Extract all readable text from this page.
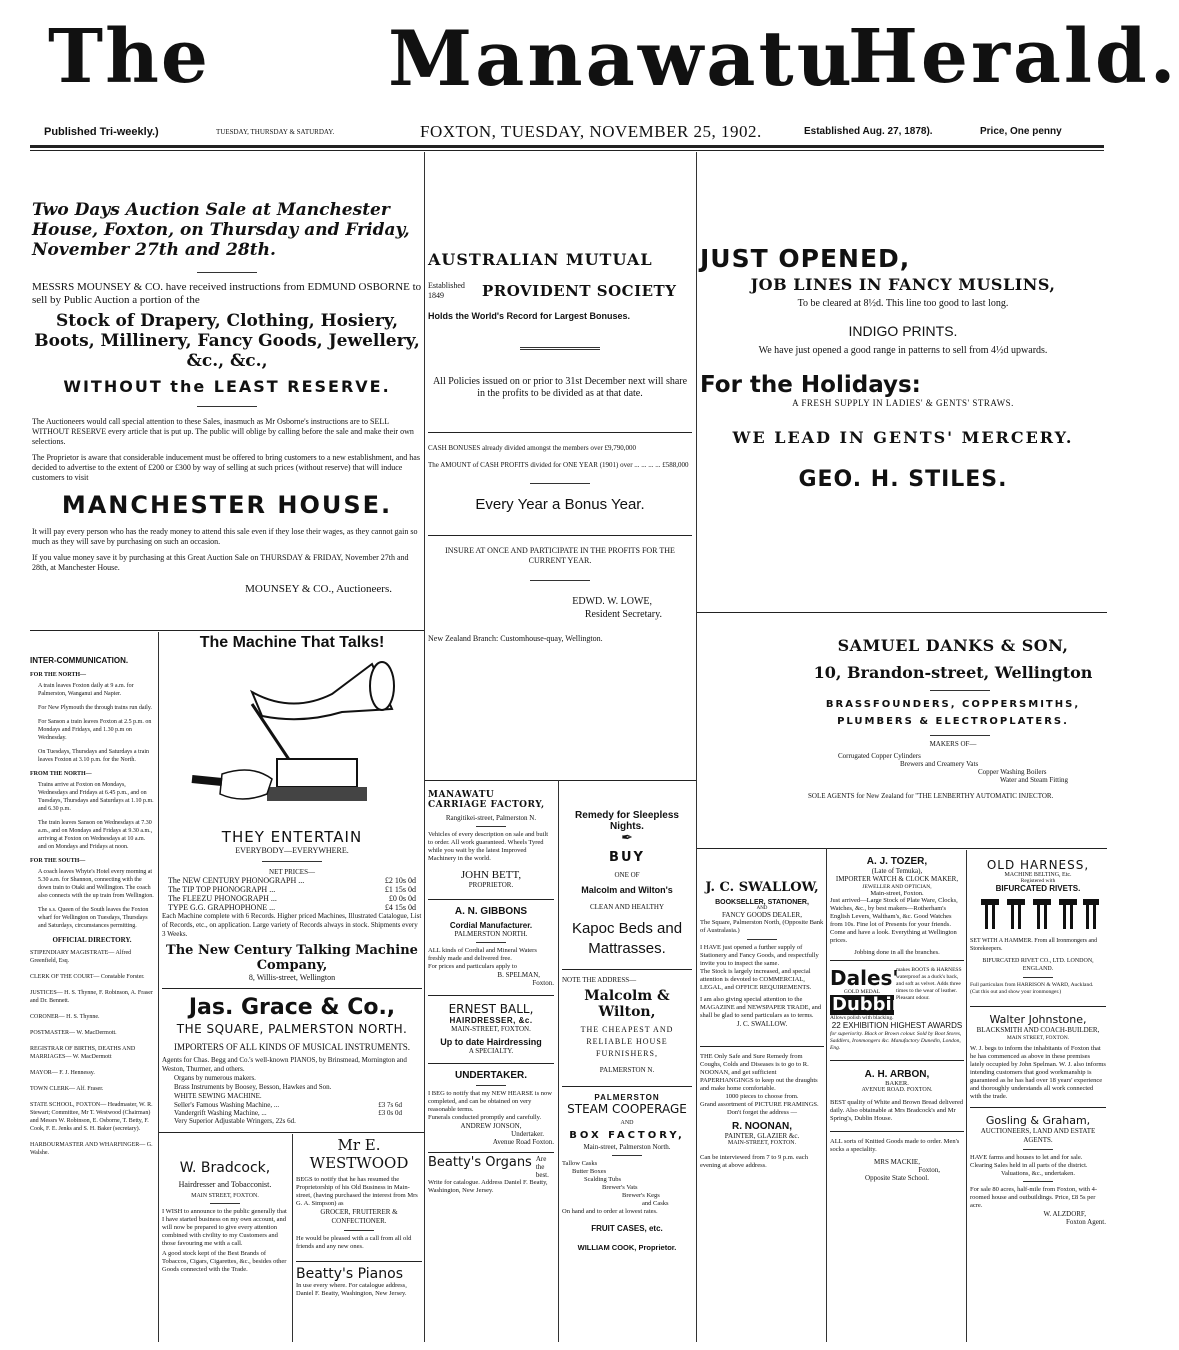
The Manawatu
Herald.
Published Tri-weekly.)	TUESDAY, THURSDAY & SATURDAY.	FOXTON, TUESDAY, NOVEMBER 25, 1902.	Established Aug. 27, 1878).	Price, One penny

Two Days Auction Sale at Manchester House, Foxton, on Thursday and Friday, November 27th and 28th.

MESSRS MOUNSEY & CO. have received instructions from EDMUND OSBORNE to sell by Public Auction a portion of the

Stock of Drapery, Clothing, Hosiery, Boots, Millinery, Fancy Goods, Jewellery, &c., &c.,

WITHOUT the LEAST RESERVE.

The Auctioneers would call special attention to these Sales, inasmuch as Mr Osborne's instructions are to SELL WITHOUT RESERVE every article that is put up. The public will oblige by calling before the sale and make their own selections.

The Proprietor is aware that considerable inducement must be offered to bring customers to a new establishment, and has decided to advertise to the extent of £200 or £300 by way of selling at such prices (without reserve) that will induce customers to visit

MANCHESTER HOUSE.

It will pay every person who has the ready money to attend this sale even if they lose their wages, as they cannot gain so much as they will save by purchasing on such an occasion.

If you value money save it by purchasing at this Great Auction Sale on THURSDAY & FRIDAY, November 27th and 28th, at Manchester House.

MOUNSEY & CO., Auctioneers.

AUSTRALIAN MUTUAL

Established 1849	PROVIDENT SOCIETY

Holds the World's Record for Largest Bonuses.

All Policies issued on or prior to 31st December next will share in the profits to be divided as at that date.

CASH BONUSES already divided amongst the members over £9,790,000

The AMOUNT of CASH PROFITS divided for ONE YEAR (1901) over ... ... ... ... £588,000

Every Year a Bonus Year.

INSURE AT ONCE AND PARTICIPATE IN THE PROFITS FOR THE CURRENT YEAR.

EDWD. W. LOWE,

Resident Secretary.

New Zealand Branch: Customhouse-quay, Wellington.

JUST OPENED,

JOB LINES IN FANCY MUSLINS,

To be cleared at 8½d. This line too good to last long.

INDIGO PRINTS.

We have just opened a good range in patterns to sell from 4½d upwards.

For the Holidays:

A FRESH SUPPLY IN LADIES' & GENTS' STRAWS.

WE LEAD IN GENTS' MERCERY.

GEO. H. STILES.

INTER-COMMUNICATION.

FOR THE NORTH—

A train leaves Foxton daily at 9 a.m. for Palmerston, Wanganui and Napier.

For New Plymouth the through trains run daily.

For Sanson a train leaves Foxton at 2.5 p.m. on Mondays and Fridays, and 1.30 p.m on Wednesday.

On Tuesdays, Thursdays and Saturdays a train leaves Foxton at 3.10 p.m. for the North.

FROM THE NORTH—

Trains arrive at Foxton on Mondays, Wednesdays and Fridays at 6.45 p.m., and on Tuesdays, Thursdays and Saturdays at 1.10 p.m. and 6.30 p.m.

The train leaves Sanson on Wednesdays at 7.30 a.m., and on Mondays and Fridays at 9.30 a.m., arriving at Foxton on Wednesdays at 10 a.m. and on Mondays and Fridays at noon.

FOR THE SOUTH—

A coach leaves Whyte's Hotel every morning at 5.30 a.m. for Shannon, connecting with the down train to Otaki and Wellington. The coach also connects with the up train from Wellington.

The s.s. Queen of the South leaves the Foxton wharf for Wellington on Tuesdays, Thursdays and Saturdays, circumstances permitting.

OFFICIAL DIRECTORY.

STIPENDIARY MAGISTRATE— Alfred Greenfield, Esq.

CLERK OF THE COURT— Constable Forster.

JUSTICES— H. S. Thynne, F. Robinson, A. Fraser and Dr. Bennett.

CORONER— H. S. Thynne.

POSTMASTER— W. MacDermott.

REGISTRAR OF BIRTHS, DEATHS AND MARRIAGES— W. MacDermott

MAYOR— F. J. Hennessy.

TOWN CLERK— Alf. Fraser.

STATE SCHOOL, FOXTON— Headmaster, W. R. Stewart; Committee, Mr T. Westwood (Chairman) and Messrs W. Robinson, E. Osborne, T. Betty, F. Cook, F. E. Jenks and S. H. Baker (secretary).

HARBOURMASTER AND WHARFINGER— G. Walshe.

The Machine That Talks!

THEY ENTERTAIN

EVERYBODY—EVERYWHERE.

NET PRICES—

The NEW CENTURY PHONOGRAPH ...	£2 10s 0d
The TIP TOP PHONOGRAPH ...	£1 15s 0d
The FLEEZU PHONOGRAPH ...	£0 0s 0d
TYPE G.G. GRAPHOPHONE ...	£4 15s 0d

Each Machine complete with 6 Records. Higher priced Machines, Illustrated Catalogue, List of Records, etc., on application. Large variety of Records always in stock. Shipments every 3 Weeks.

The New Century Talking Machine Company,

8, Willis-street, Wellington

Jas. Grace & Co.,

THE SQUARE, PALMERSTON NORTH.

IMPORTERS OF ALL KINDS OF MUSICAL INSTRUMENTS.

Agents for Chas. Begg and Co.'s well-known PIANOS, by Brinsmead, Mornington and Weston, Thurmer, and others.

Organs by numerous makers.

Brass Instruments by Boosey, Besson, Hawkes and Son.

WHITE SEWING MACHINE.

Seller's Famous Washing Machine, ...	£3 7s 6d
Vandergrift Washing Machine, ...	£3 0s 0d

Very Superior Adjustable Wringers, 22s 6d.

W. Bradcock,

Hairdresser and Tobacconist.

MAIN STREET, FOXTON.

I WISH to announce to the public generally that I have started business on my own account, and will now be prepared to give every attention combined with civility to my Customers and those favouring me with a call.

A good stock kept of the Best Brands of Tobaccos, Cigars, Cigarettes, &c., besides other Goods connected with the Trade.

Mr E. WESTWOOD

BEGS to notify that he has resumed the Proprietorship of his Old Business in Main-street, (having purchased the interest from Mrs G. A. Simpson) as

GROCER, FRUITERER & CONFECTIONER.

He would be pleased with a call from all old friends and any new ones.

Beatty's Pianos

In use every where. For catalogue address, Daniel F. Beatty, Washington, New Jersey.

MANAWATU CARRIAGE FACTORY,

Rangitikei-street, Palmerston N.

Vehicles of every description on sale and built to order. All work guaranteed. Wheels Tyred while you wait by the latest Improved Machinery in the world.

JOHN BETT,

PROPRIETOR.

A. N. GIBBONS

Cordial Manufacturer.

PALMERSTON NORTH.

ALL kinds of Cordial and Mineral Waters freshly made and delivered free.

For prices and particulars apply to

B. SPELMAN,

Foxton.

ERNEST BALL,

HAIRDRESSER, &c.

MAIN-STREET, FOXTON.

Up to date Hairdressing

A SPECIALTY.

UNDERTAKER.

I BEG to notify that my NEW HEARSE is now completed, and can be obtained on very reasonable terms.

Funerals conducted promptly and carefully.

ANDREW JONSON,

Undertaker.

Avenue Road Foxton.

Beatty's Organs Are the best.

Write for catalogue. Address Daniel F. Beatty, Washington, New Jersey.

Remedy for Sleepless Nights.

✒

BUY

ONE OF

Malcolm and Wilton's

CLEAN AND HEALTHY

Kapoc Beds and Mattrasses.

NOTE THE ADDRESS—

Malcolm & Wilton,

THE CHEAPEST AND RELIABLE HOUSE FURNISHERS,

PALMERSTON N.

PALMERSTON

STEAM COOPERAGE

AND

BOX FACTORY,

Main-street, Palmerston North.

Tallow Casks

Butter Boxes

Scalding Tubs

Brewer's Vats

Brewer's Kegs

and Casks

On hand and to order at lowest rates.

FRUIT CASES, etc.

WILLIAM COOK, Proprietor.

SAMUEL DANKS & SON,

10, Brandon-street, Wellington

BRASSFOUNDERS, COPPERSMITHS,

PLUMBERS & ELECTROPLATERS.

MAKERS OF—

Corrugated Copper Cylinders

Brewers and Creamery Vats

Copper Washing Boilers

Water and Steam Fitting

SOLE AGENTS for New Zealand for "THE LENBERTHY AUTOMATIC INJECTOR.

J. C. SWALLOW,

BOOKSELLER, STATIONER,

AND

FANCY GOODS DEALER,

The Square, Palmerston North, (Opposite Bank of Australasia.)

I HAVE just opened a further supply of Stationery and Fancy Goods, and respectfully invite you to inspect the same.

The Stock is largely increased, and special attention is devoted to COMMERCIAL, LEGAL, and OFFICE REQUIREMENTS.

I am also giving special attention to the MAGAZINE and NEWSPAPER TRADE, and shall be glad to send particulars as to terms.

J. C. SWALLOW.

THE Only Safe and Sure Remedy from Coughs, Colds and Diseases is to go to R. NOONAN, and get sufficient PAPERHANGINGS to keep out the draughts and make home comfortable.

1000 pieces to choose from.

Grand assortment of PICTURE FRAMINGS.

Don't forget the address —

R. NOONAN,

PAINTER, GLAZIER &c.

MAIN-STREET, FOXTON.

Can be interviewed from 7 to 9 p.m. each evening at above address.

A. J. TOZER,

(Late of Temuka),

IMPORTER WATCH & CLOCK MAKER,

JEWELLER AND OPTICIAN,

Main-street, Foxton.

Just arrived—Large Stock of Plate Ware, Clocks, Watches, &c., by best makers—Rotherham's English Levers, Waltham's, &c. Good Watches from 10s. Fine lot of Presents for your friends. Come and have a look. Everything at Wellington prices.

Jobbing done in all the branches.

Dales'

GOLD MEDAL

Dubbin

makes BOOTS & HARNESS waterproof as a duck's back, and soft as velvet. Adds three times to the wear of leather. Pleasant odour.

Allows polish with blacking.

22 EXHIBITION HIGHEST AWARDS

for superiority. Black or Brown colour. Sold by Boot Stores, Saddlers, Ironmongers &c. Manufactory Dunedin, London, Eng.

A. H. ARBON,

BAKER.

AVENUE ROAD. FOXTON.

BEST quality of White and Brown Bread delivered daily. Also obtainable at Mrs Bradcock's and Mr Spring's, Dublin House.

ALL sorts of Knitted Goods made to order. Men's socks a speciality.

MRS MACKIE,

Foxton,

Opposite State School.

OLD HARNESS,

MACHINE BELTING, Etc.

Registered with

BIFURCATED RIVETS.

SET WITH A HAMMER. From all Ironmongers and Storekeepers.

BIFURCATED RIVET CO., LTD. LONDON, ENGLAND.

Full particulars from HARRISON & WARD, Auckland.

(Cut this out and show your ironmonger.)

Walter Johnstone,

BLACKSMITH AND COACH-BUILDER,

MAIN STREET, FOXTON.

W. J. begs to inform the inhabitants of Foxton that he has commenced as above in these premises lately occupied by John Spelman. W. J. also informs intending customers that good workmanship is guaranteed as he has had over 18 years' experience and thoroughly understands all work connected with the trade.

Gosling & Graham,

AUCTIONEERS, LAND AND ESTATE AGENTS.

HAVE farms and houses to let and for sale. Clearing Sales held in all parts of the district.

Valuations, &c., undertaken.

For sale 80 acres, half-mile from Foxton, with 4-roomed house and outbuildings. Price, £8 5s per acre.

W. ALZDORF,

Foxton Agent.
